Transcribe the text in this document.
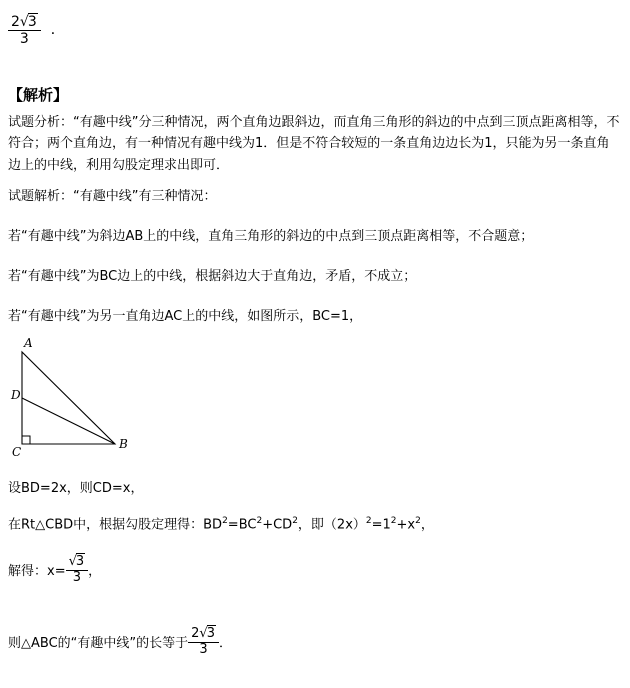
$\frac{2√3}{3}$ ．
【解析】
试题分析：“有趣中线”分三种情况，两个直角边跟斜边，而直角三角形的斜边的中点到三顶点距离相等，不符合；两个直角边，有一种情况有趣中线为1．但是不符合较短的一条直角边边长为1，只能为另一条直角边上的中线，利用勾股定理求出即可．
试题解析：“有趣中线”有三种情况：
若“有趣中线”为斜边AB上的中线，直角三角形的斜边的中点到三顶点距离相等，不合题意；
若“有趣中线”为BC边上的中线，根据斜边大于直角边，矛盾，不成立；
若“有趣中线”为另一直角边AC上的中线，如图所示，BC=1，
A
B
C
D
设BD=2x，则CD=x，
在Rt△CBD中，根据勾股定理得：$BD^2=BC^2+CD^2$，即$(2x)^2=1^2+x^2$，
解得：$x= \frac{√3}{3}$ ，
则△ABC的“有趣中线”的长等于 $\frac{2√3}{3}$ ．
